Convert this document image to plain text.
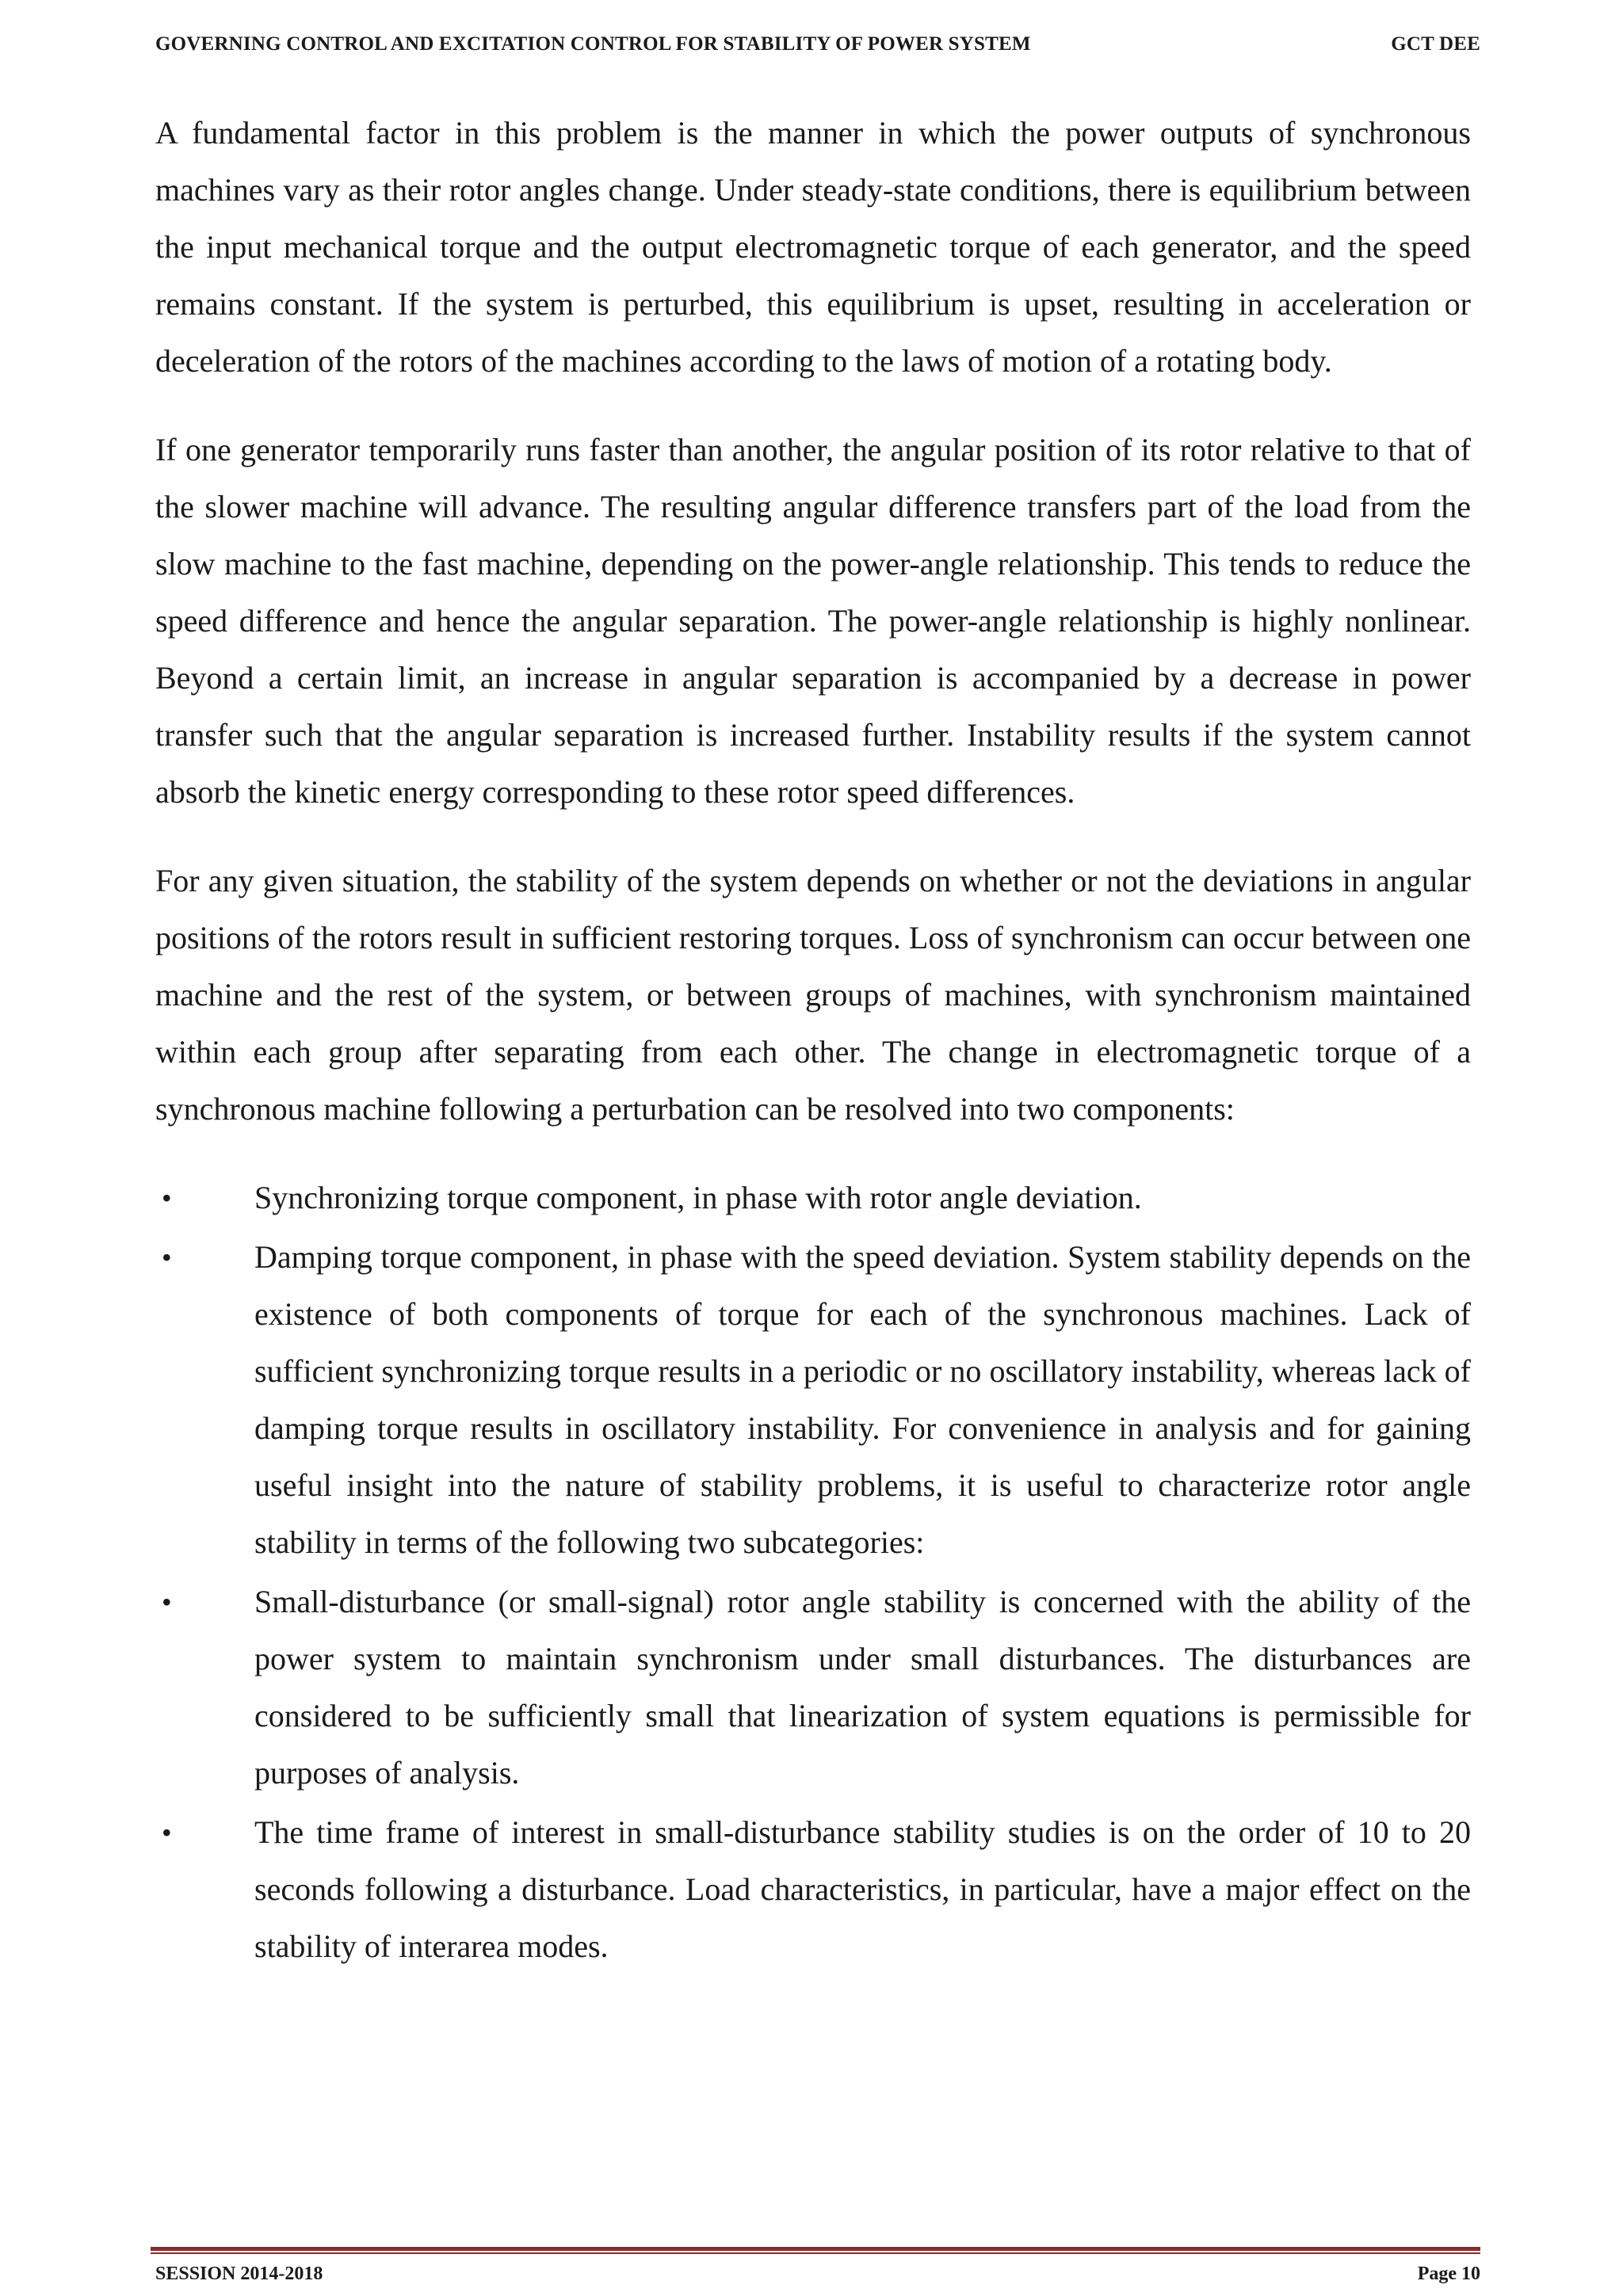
GOVERNING CONTROL AND EXCITATION CONTROL FOR STABILITY OF POWER SYSTEM	GCT DEE

A fundamental factor in this problem is the manner in which the power outputs of synchronous machines vary as their rotor angles change. Under steady-state conditions, there is equilibrium between the input mechanical torque and the output electromagnetic torque of each generator, and the speed remains constant. If the system is perturbed, this equilibrium is upset, resulting in acceleration or deceleration of the rotors of the machines according to the laws of motion of a rotating body.

If one generator temporarily runs faster than another, the angular position of its rotor relative to that of the slower machine will advance. The resulting angular difference transfers part of the load from the slow machine to the fast machine, depending on the power-angle relationship. This tends to reduce the speed difference and hence the angular separation. The power-angle relationship is highly nonlinear. Beyond a certain limit, an increase in angular separation is accompanied by a decrease in power transfer such that the angular separation is increased further. Instability results if the system cannot absorb the kinetic energy corresponding to these rotor speed differences.

For any given situation, the stability of the system depends on whether or not the deviations in angular positions of the rotors result in sufficient restoring torques. Loss of synchronism can occur between one machine and the rest of the system, or between groups of machines, with synchronism maintained within each group after separating from each other. The change in electromagnetic torque of a synchronous machine following a perturbation can be resolved into two components:

•	Synchronizing torque component, in phase with rotor angle deviation.
•	Damping torque component, in phase with the speed deviation. System stability depends on the existence of both components of torque for each of the synchronous machines. Lack of sufficient synchronizing torque results in a periodic or no oscillatory instability, whereas lack of damping torque results in oscillatory instability. For convenience in analysis and for gaining useful insight into the nature of stability problems, it is useful to characterize rotor angle stability in terms of the following two subcategories:
•	Small-disturbance (or small-signal) rotor angle stability is concerned with the ability of the power system to maintain synchronism under small disturbances. The disturbances are considered to be sufficiently small that linearization of system equations is permissible for purposes of analysis.
•	The time frame of interest in small-disturbance stability studies is on the order of 10 to 20 seconds following a disturbance. Load characteristics, in particular, have a major effect on the stability of interarea modes.
SESSION 2014-2018	Page 10
